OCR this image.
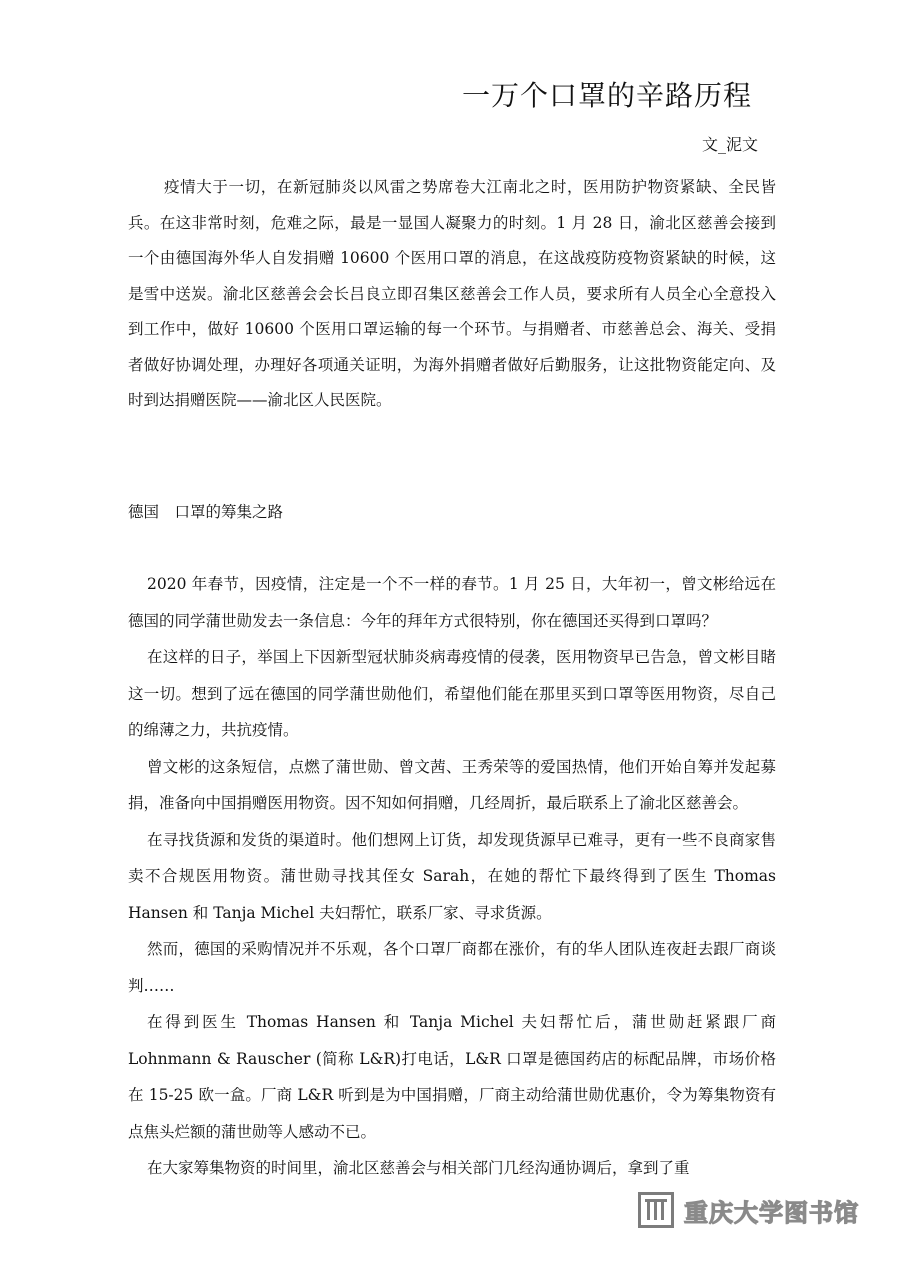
一万个口罩的辛路历程
文_泥文

疫情大于一切，在新冠肺炎以风雷之势席卷大江南北之时，医用防护物资紧缺、全民皆兵。在这非常时刻，危难之际，最是一显国人凝聚力的时刻。1 月 28 日，渝北区慈善会接到一个由德国海外华人自发捐赠 10600 个医用口罩的消息，在这战疫防疫物资紧缺的时候，这是雪中送炭。渝北区慈善会会长吕良立即召集区慈善会工作人员，要求所有人员全心全意投入到工作中，做好 10600 个医用口罩运输的每一个环节。与捐赠者、市慈善总会、海关、受捐者做好协调处理，办理好各项通关证明，为海外捐赠者做好后勤服务，让这批物资能定向、及时到达捐赠医院——渝北区人民医院。

德国　口罩的筹集之路

2020 年春节，因疫情，注定是一个不一样的春节。1 月 25 日，大年初一，曾文彬给远在德国的同学蒲世勋发去一条信息：今年的拜年方式很特别，你在德国还买得到口罩吗？

在这样的日子，举国上下因新型冠状肺炎病毒疫情的侵袭，医用物资早已告急，曾文彬目睹这一切。想到了远在德国的同学蒲世勋他们，希望他们能在那里买到口罩等医用物资，尽自己的绵薄之力，共抗疫情。

曾文彬的这条短信，点燃了蒲世勋、曾文茜、王秀荣等的爱国热情，他们开始自筹并发起募捐，准备向中国捐赠医用物资。因不知如何捐赠，几经周折，最后联系上了渝北区慈善会。

在寻找货源和发货的渠道时。他们想网上订货，却发现货源早已难寻，更有一些不良商家售卖不合规医用物资。蒲世勋寻找其侄女 Sarah，在她的帮忙下最终得到了医生 Thomas Hansen 和 Tanja Michel 夫妇帮忙，联系厂家、寻求货源。

然而，德国的采购情况并不乐观，各个口罩厂商都在涨价，有的华人团队连夜赶去跟厂商谈判……

在得到医生 Thomas Hansen 和 Tanja Michel 夫妇帮忙后，蒲世勋赶紧跟厂商 Lohnmann & Rauscher (简称 L&R)打电话，L&R 口罩是德国药店的标配品牌，市场价格在 15-25 欧一盒。厂商 L&R 听到是为中国捐赠，厂商主动给蒲世勋优惠价，令为筹集物资有点焦头烂额的蒲世勋等人感动不已。

在大家筹集物资的时间里，渝北区慈善会与相关部门几经沟通协调后，拿到了重

重庆大学图书馆
